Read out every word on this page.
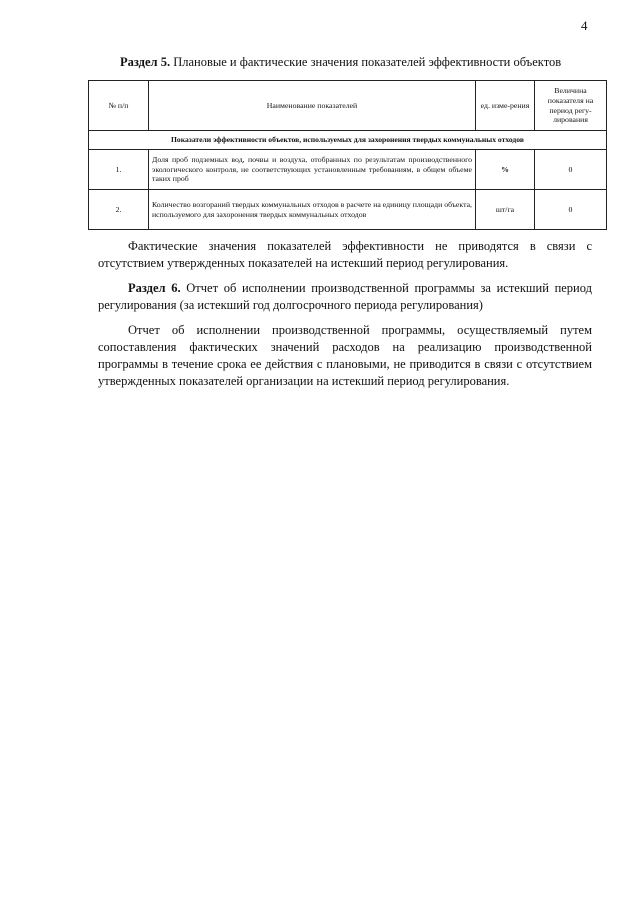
4
Раздел 5. Плановые и фактические значения показателей эффективности объектов
№ п/п	Наименование показателей	ед. изме-рения	Величина показателя на период регу-лирования
Показатели эффективности объектов, используемых для захоронения твердых коммунальных отходов			
1.	Доля проб подземных вод, почвы и воздуха, отобранных по результатам производственного экологического контроля, не соответствующих установленным требованиям, в общем объеме таких проб	%	0
2.	Количество возгораний твердых коммунальных отходов в расчете на единицу площади объекта, используемого для захоронения твердых коммунальных отходов	шт/га	0

Фактические значения показателей эффективности не приводятся в связи с отсутствием утвержденных показателей на истекший период регулирования.

Раздел 6. Отчет об исполнении производственной программы за истекший период регулирования (за истекший год долгосрочного периода регулирования)

Отчет об исполнении производственной программы, осуществляемый путем сопоставления фактических значений расходов на реализацию производственной программы в течение срока ее действия с плановыми, не приводится в связи с отсутствием утвержденных показателей организации на истекший период регулирования.
